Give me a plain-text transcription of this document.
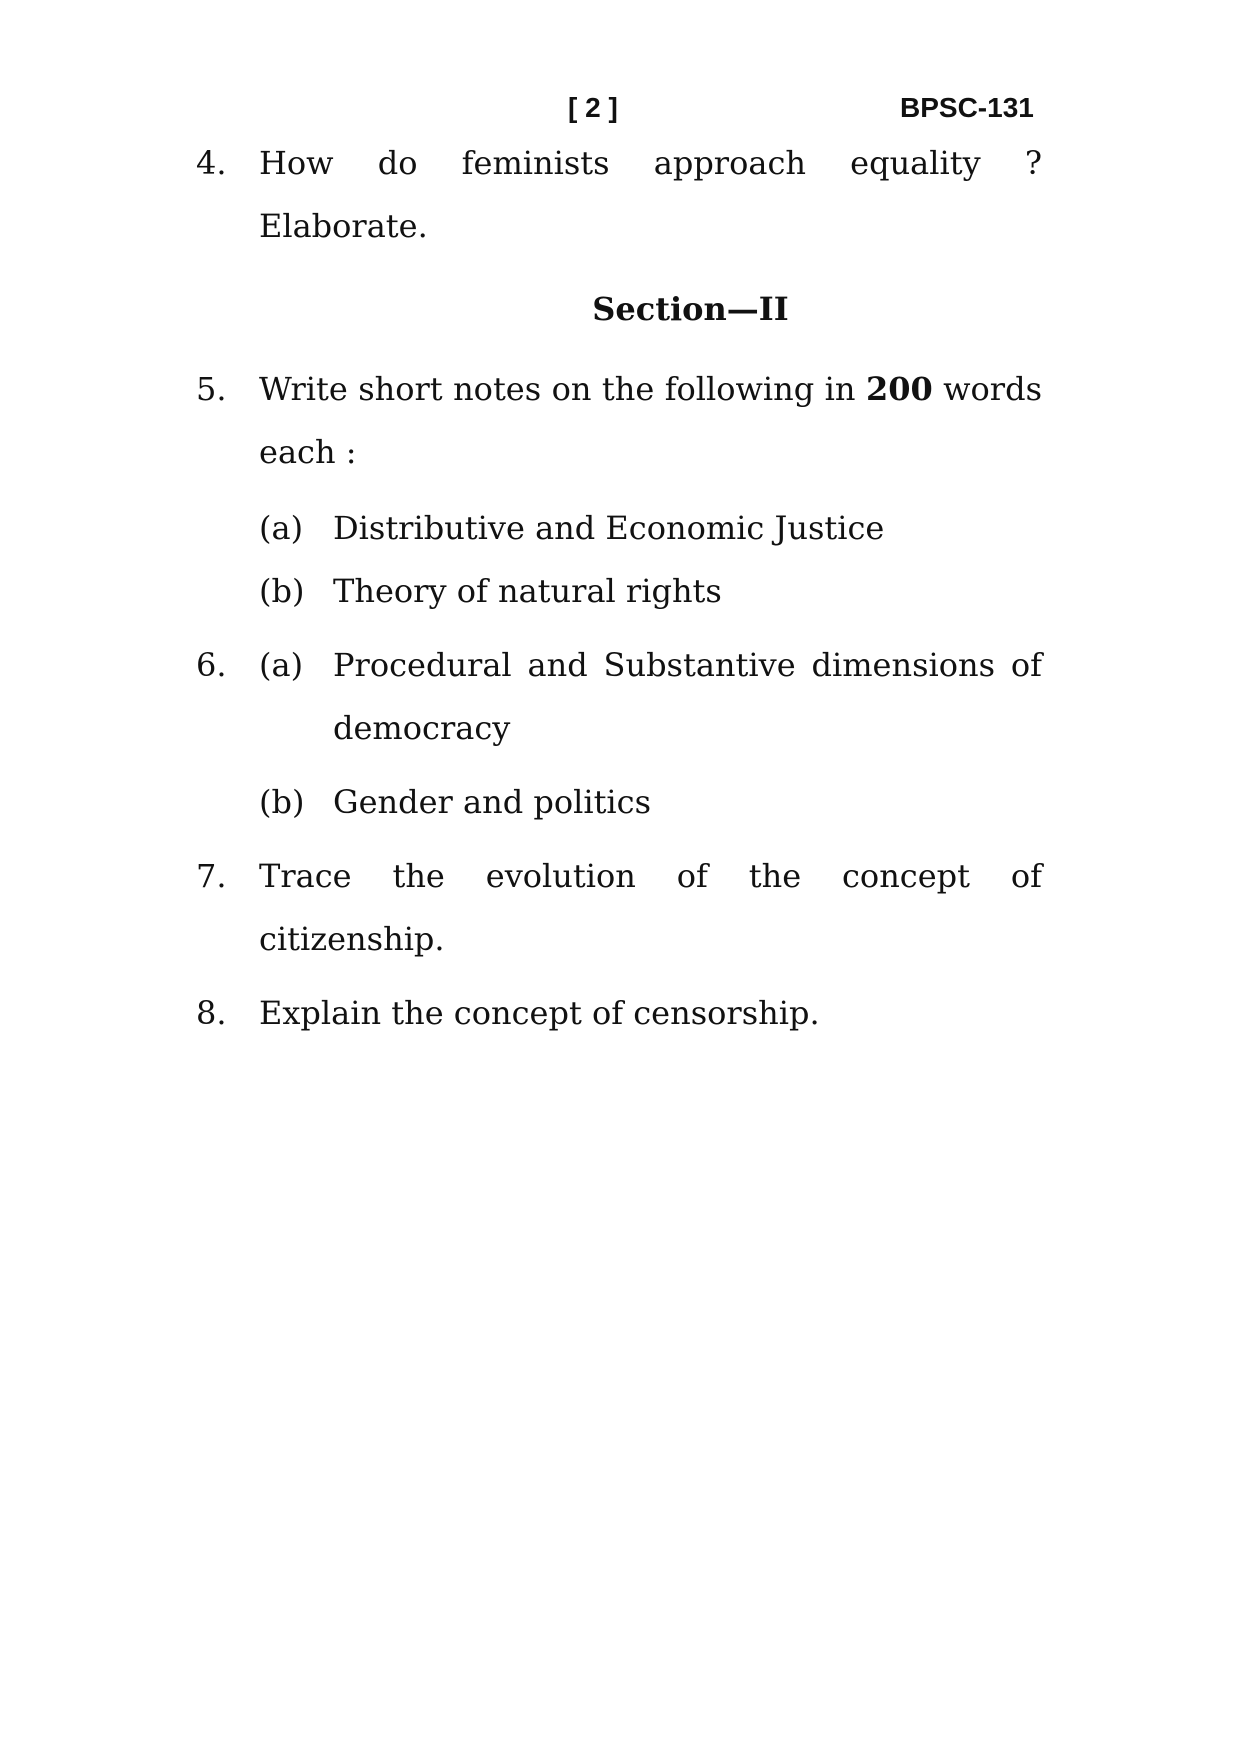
[ 2 ]	BPSC-131
4. How do feminists approach equality ?
Elaborate.
Section—II
5. Write short notes on the following in 200 words
each :
(a) Distributive and Economic Justice
(b) Theory of natural rights
6. (a) Procedural and Substantive dimensions of
democracy
(b) Gender and politics
7. Trace the evolution of the concept of
citizenship.
8. Explain the concept of censorship.
